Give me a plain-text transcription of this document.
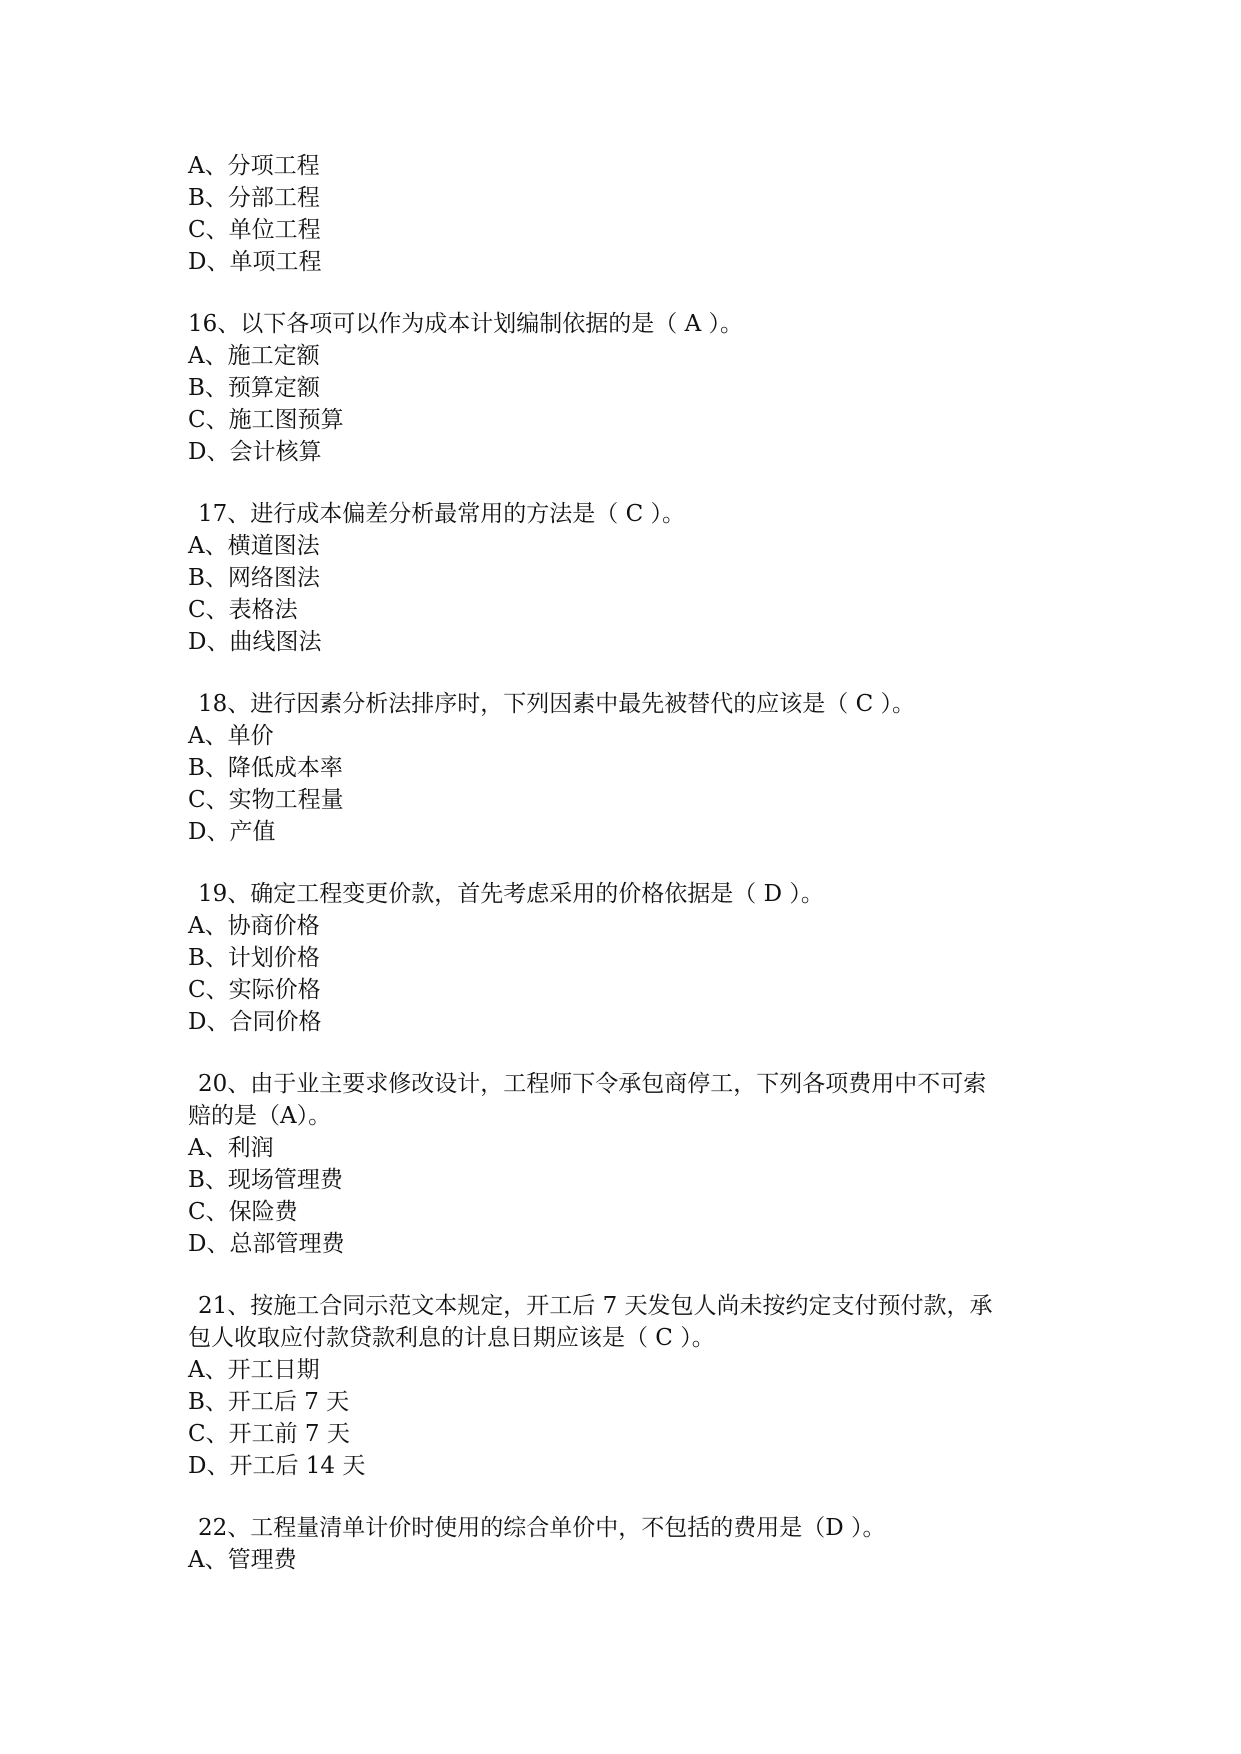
A、分项工程
B、分部工程
C、单位工程
D、单项工程
16、以下各项可以作为成本计划编制依据的是（ A ）。
A、施工定额
B、预算定额
C、施工图预算
D、会计核算
17、进行成本偏差分析最常用的方法是（ C ）。
A、横道图法
B、网络图法
C、表格法
D、曲线图法
18、进行因素分析法排序时，下列因素中最先被替代的应该是（ C ）。
A、单价
B、降低成本率
C、实物工程量
D、产值
19、确定工程变更价款，首先考虑采用的价格依据是（ D ）。
A、协商价格
B、计划价格
C、实际价格
D、合同价格
20、由于业主要求修改设计，工程师下令承包商停工，下列各项费用中不可索
赔的是（A）。
A、利润
B、现场管理费
C、保险费
D、总部管理费
21、按施工合同示范文本规定，开工后 7 天发包人尚未按约定支付预付款，承
包人收取应付款贷款利息的计息日期应该是（ C ）。
A、开工日期
B、开工后 7 天
C、开工前 7 天
D、开工后 14 天
22、工程量清单计价时使用的综合单价中，不包括的费用是（D ）。
A、管理费
